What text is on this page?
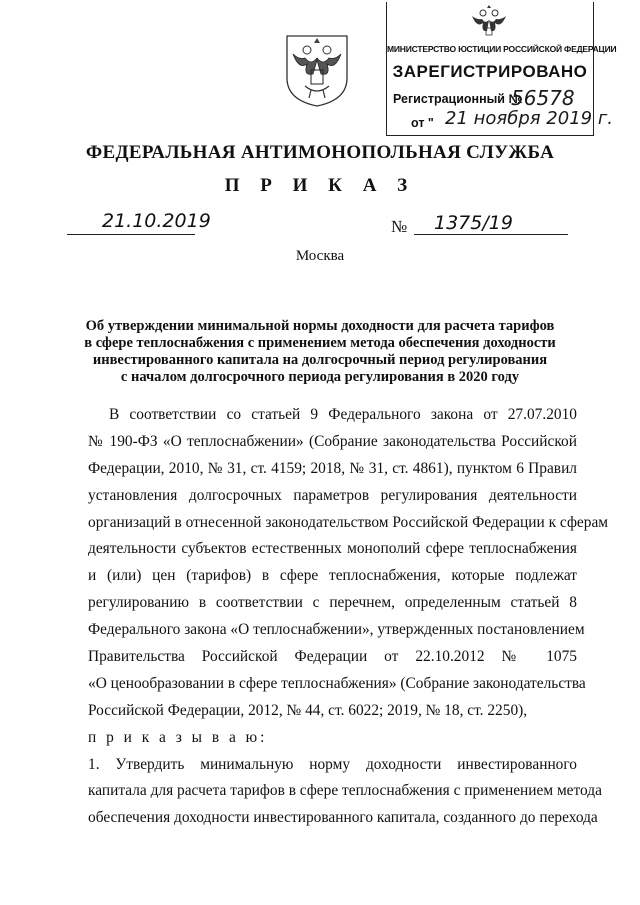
МИНИСТЕРСТВО ЮСТИЦИИ РОССИЙСКОЙ ФЕДЕРАЦИИ
ЗАРЕГИСТРИРОВАНО
Регистрационный №
56578
от " 21 ноября 2019 г.
ФЕДЕРАЛЬНАЯ АНТИМОНОПОЛЬНАЯ СЛУЖБА
П Р И К А З
21.10.2019	№ 1375/19
Москва
Об утверждении минимальной нормы доходности для расчета тарифов
в сфере теплоснабжения с применением метода обеспечения доходности
инвестированного капитала на долгосрочный период регулирования
с началом долгосрочного периода регулирования в 2020 году
В соответствии со статьей 9 Федерального закона от 27.07.2010
№ 190-ФЗ «О теплоснабжении» (Собрание законодательства Российской
Федерации, 2010, № 31, ст. 4159; 2018, № 31, ст. 4861), пунктом 6 Правил
установления долгосрочных параметров регулирования деятельности
организаций в отнесенной законодательством Российской Федерации к сферам
деятельности субъектов естественных монополий сфере теплоснабжения
и (или) цен (тарифов) в сфере теплоснабжения, которые подлежат
регулированию в соответствии с перечнем, определенным статьей 8
Федерального закона «О теплоснабжении», утвержденных постановлением
Правительства Российской Федерации от 22.10.2012 № 1075
«О ценообразовании в сфере теплоснабжения» (Собрание законодательства
Российской Федерации, 2012, № 44, ст. 6022; 2019, № 18, ст. 2250),
п р и к а з ы в а ю:
1. Утвердить минимальную норму доходности инвестированного
капитала для расчета тарифов в сфере теплоснабжения с применением метода
обеспечения доходности инвестированного капитала, созданного до перехода
